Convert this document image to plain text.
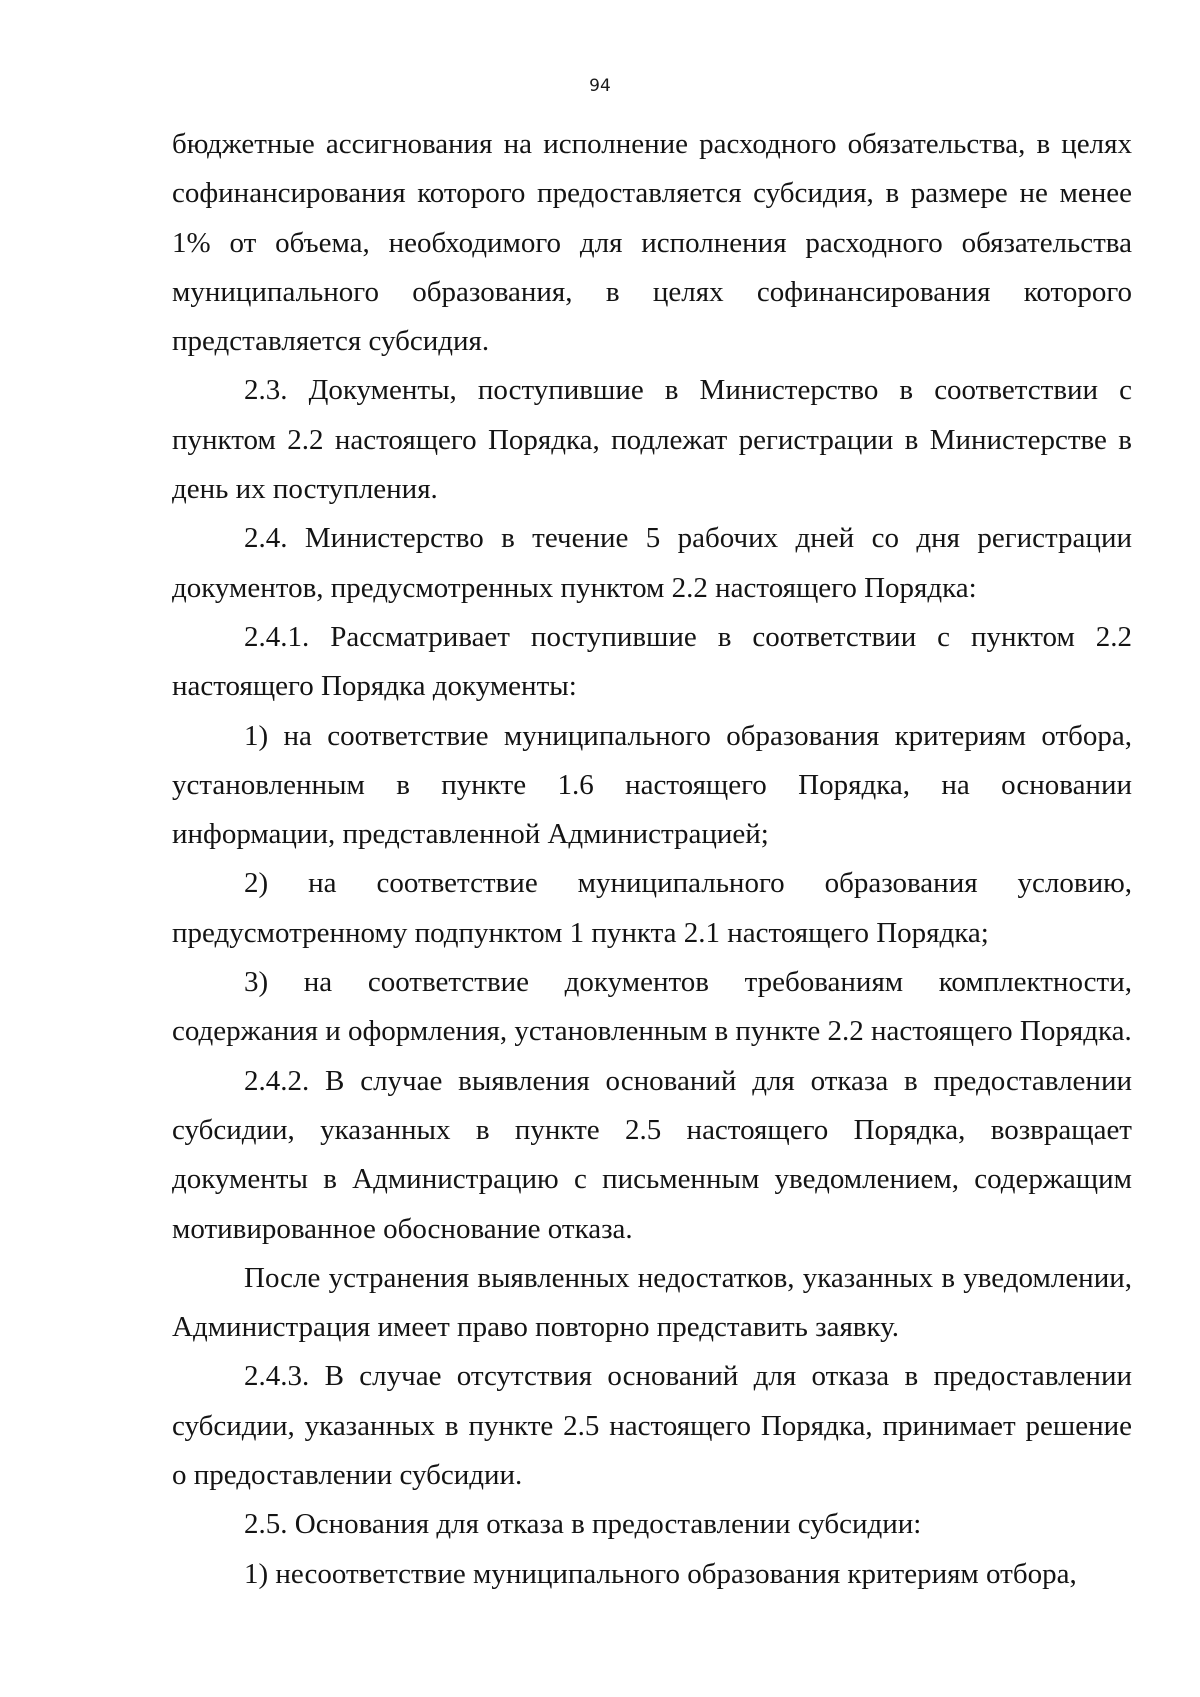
94

бюджетные ассигнования на исполнение расходного обязательства, в целях софинансирования которого предоставляется субсидия, в размере не менее 1% от объема, необходимого для исполнения расходного обязательства муниципального образования, в целях софинансирования которого представляется субсидия.

2.3. Документы, поступившие в Министерство в соответствии с пунктом 2.2 настоящего Порядка, подлежат регистрации в Министерстве в день их поступления.

2.4. Министерство в течение 5 рабочих дней со дня регистрации документов, предусмотренных пунктом 2.2 настоящего Порядка:

2.4.1. Рассматривает поступившие в соответствии с пунктом 2.2 настоящего Порядка документы:

1) на соответствие муниципального образования критериям отбора, установленным в пункте 1.6 настоящего Порядка, на основании информации, представленной Администрацией;

2) на соответствие муниципального образования условию, предусмотренному подпунктом 1 пункта 2.1 настоящего Порядка;

3) на соответствие документов требованиям комплектности, содержания и оформления, установленным в пункте 2.2 настоящего Порядка.

2.4.2. В случае выявления оснований для отказа в предоставлении субсидии, указанных в пункте 2.5 настоящего Порядка, возвращает документы в Администрацию с письменным уведомлением, содержащим мотивированное обоснование отказа.

После устранения выявленных недостатков, указанных в уведомлении, Администрация имеет право повторно представить заявку.

2.4.3. В случае отсутствия оснований для отказа в предоставлении субсидии, указанных в пункте 2.5 настоящего Порядка, принимает решение о предоставлении субсидии.

2.5. Основания для отказа в предоставлении субсидии:

1) несоответствие муниципального образования критериям отбора,
